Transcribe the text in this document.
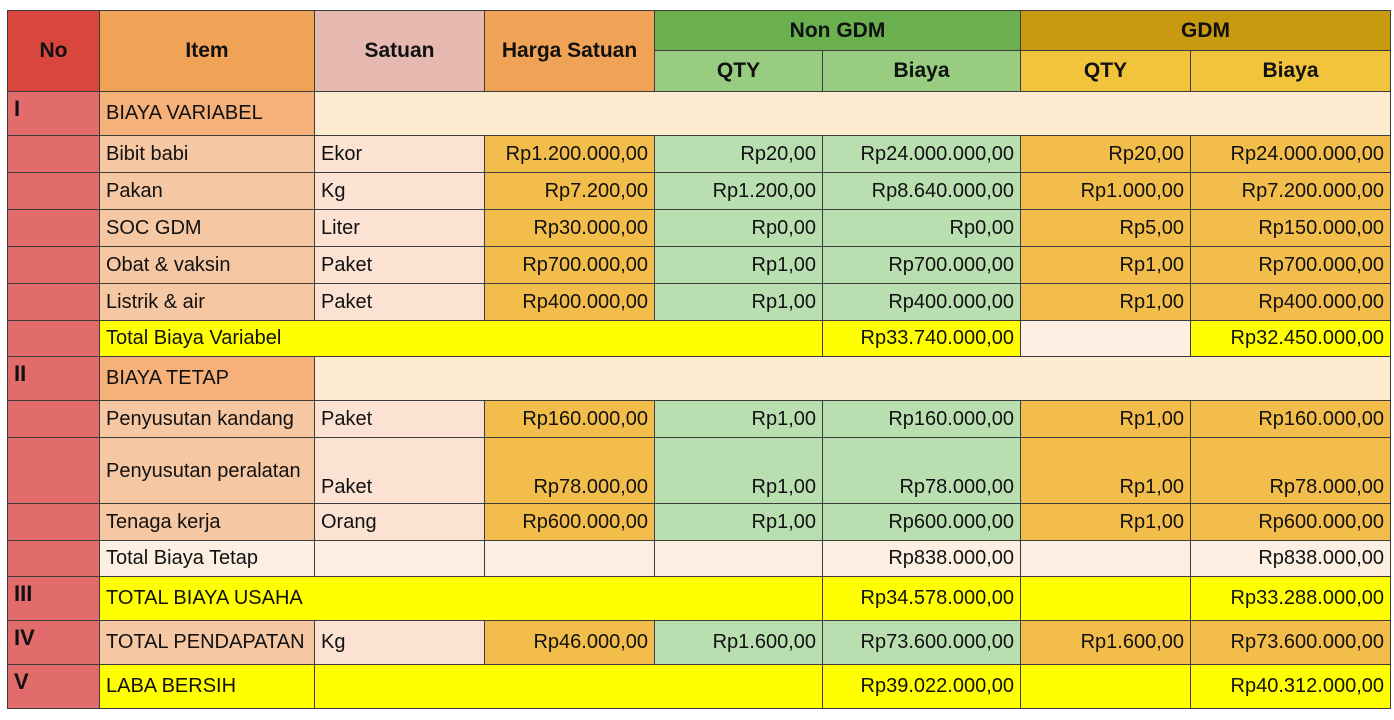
No	Item	Satuan	Harga Satuan	Non GDM		GDM	
				QTY	Biaya	QTY	Biaya
I	BIAYA VARIABEL						
	Bibit babi	Ekor	Rp1.200.000,00	Rp20,00	Rp24.000.000,00	Rp20,00	Rp24.000.000,00
	Pakan	Kg	Rp7.200,00	Rp1.200,00	Rp8.640.000,00	Rp1.000,00	Rp7.200.000,00
	SOC GDM	Liter	Rp30.000,00	Rp0,00	Rp0,00	Rp5,00	Rp150.000,00
	Obat & vaksin	Paket	Rp700.000,00	Rp1,00	Rp700.000,00	Rp1,00	Rp700.000,00
	Listrik & air	Paket	Rp400.000,00	Rp1,00	Rp400.000,00	Rp1,00	Rp400.000,00
	Total Biaya Variabel				Rp33.740.000,00		Rp32.450.000,00
II	BIAYA TETAP						
	Penyusutan kandang	Paket	Rp160.000,00	Rp1,00	Rp160.000,00	Rp1,00	Rp160.000,00
	Penyusutan peralatan	Paket	Rp78.000,00	Rp1,00	Rp78.000,00	Rp1,00	Rp78.000,00
	Tenaga kerja	Orang	Rp600.000,00	Rp1,00	Rp600.000,00	Rp1,00	Rp600.000,00
	Total Biaya Tetap				Rp838.000,00		Rp838.000,00
III	TOTAL BIAYA USAHA				Rp34.578.000,00		Rp33.288.000,00
IV	TOTAL PENDAPATAN	Kg	Rp46.000,00	Rp1.600,00	Rp73.600.000,00	Rp1.600,00	Rp73.600.000,00
V	LABA BERSIH				Rp39.022.000,00		Rp40.312.000,00
